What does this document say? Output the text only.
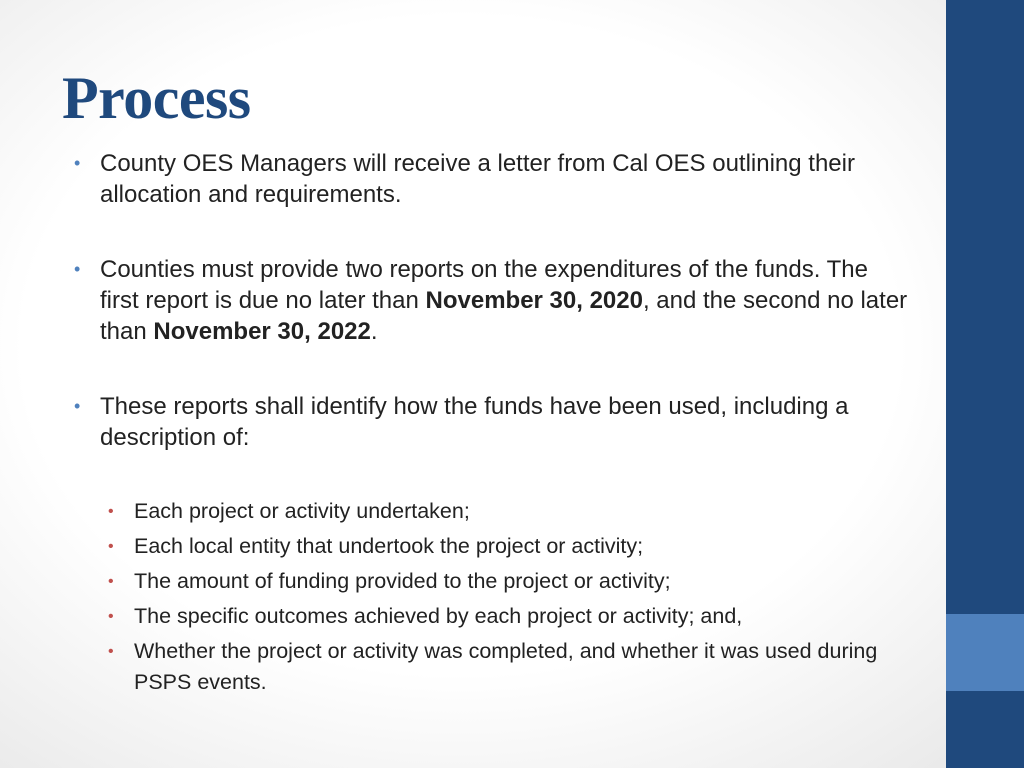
Process
• County OES Managers will receive a letter from Cal OES outlining their allocation and requirements.
• Counties must provide two reports on the expenditures of the funds. The first report is due no later than November 30, 2020, and the second no later than November 30, 2022.
• These reports shall identify how the funds have been used, including a description of:
• Each project or activity undertaken;
• Each local entity that undertook the project or activity;
• The amount of funding provided to the project or activity;
• The specific outcomes achieved by each project or activity; and,
• Whether the project or activity was completed, and whether it was used during PSPS events.
